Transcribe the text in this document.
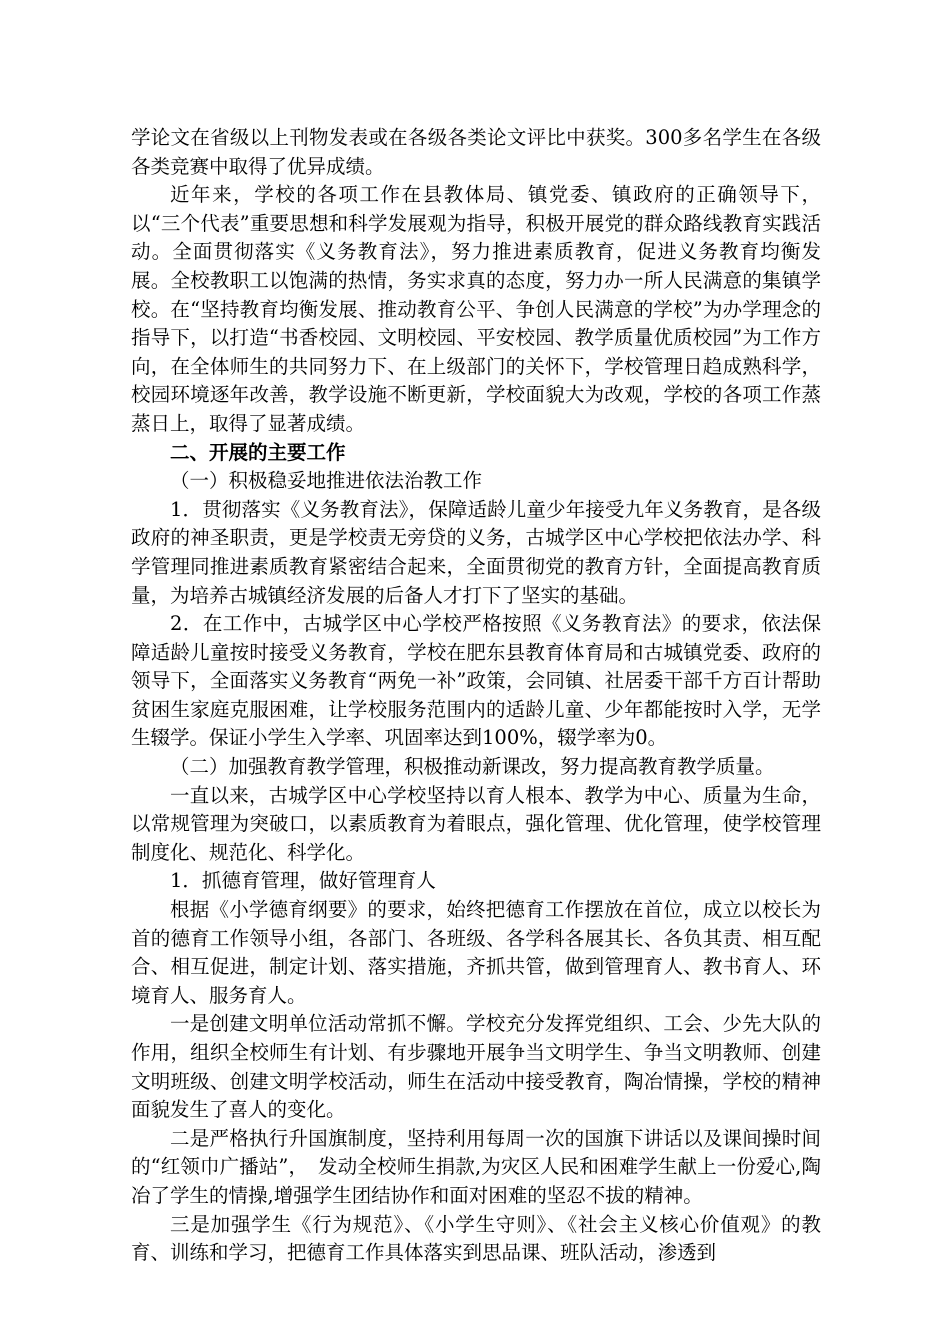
学论文在省级以上刊物发表或在各级各类论文评比中获奖。300多名学生在各级各类竞赛中取得了优异成绩。

近年来，学校的各项工作在县教体局、镇党委、镇政府的正确领导下，以“三个代表”重要思想和科学发展观为指导，积极开展党的群众路线教育实践活动。全面贯彻落实《义务教育法》，努力推进素质教育，促进义务教育均衡发展。全校教职工以饱满的热情，务实求真的态度，努力办一所人民满意的集镇学校。在“坚持教育均衡发展、推动教育公平、争创人民满意的学校”为办学理念的指导下，以打造“书香校园、文明校园、平安校园、教学质量优质校园”为工作方向，在全体师生的共同努力下、在上级部门的关怀下，学校管理日趋成熟科学，校园环境逐年改善，教学设施不断更新，学校面貌大为改观，学校的各项工作蒸蒸日上，取得了显著成绩。

二、开展的主要工作

（一）积极稳妥地推进依法治教工作

1．贯彻落实《义务教育法》，保障适龄儿童少年接受九年义务教育，是各级政府的神圣职责，更是学校责无旁贷的义务，古城学区中心学校把依法办学、科学管理同推进素质教育紧密结合起来，全面贯彻党的教育方针，全面提高教育质量，为培养古城镇经济发展的后备人才打下了坚实的基础。

2．在工作中，古城学区中心学校严格按照《义务教育法》的要求，依法保障适龄儿童按时接受义务教育，学校在肥东县教育体育局和古城镇党委、政府的领导下，全面落实义务教育“两免一补”政策，会同镇、社居委干部千方百计帮助贫困生家庭克服困难，让学校服务范围内的适龄儿童、少年都能按时入学，无学生辍学。保证小学生入学率、巩固率达到100%，辍学率为0。

（二）加强教育教学管理，积极推动新课改，努力提高教育教学质量。

一直以来，古城学区中心学校坚持以育人根本、教学为中心、质量为生命，以常规管理为突破口，以素质教育为着眼点，强化管理、优化管理，使学校管理制度化、规范化、科学化。

1．抓德育管理，做好管理育人

根据《小学德育纲要》的要求，始终把德育工作摆放在首位，成立以校长为首的德育工作领导小组，各部门、各班级、各学科各展其长、各负其责、相互配合、相互促进，制定计划、落实措施，齐抓共管，做到管理育人、教书育人、环境育人、服务育人。

一是创建文明单位活动常抓不懈。学校充分发挥党组织、工会、少先大队的作用，组织全校师生有计划、有步骤地开展争当文明学生、争当文明教师、创建文明班级、创建文明学校活动，师生在活动中接受教育，陶冶情操，学校的精神面貌发生了喜人的变化。

二是严格执行升国旗制度，坚持利用每周一次的国旗下讲话以及课间操时间的“红领巾广播站”，　发动全校师生捐款,为灾区人民和困难学生献上一份爱心,陶冶了学生的情操,增强学生团结协作和面对困难的坚忍不拔的精神。

三是加强学生《行为规范》、《小学生守则》、《社会主义核心价值观》的教育、训练和学习，把德育工作具体落实到思品课、班队活动，渗透到
